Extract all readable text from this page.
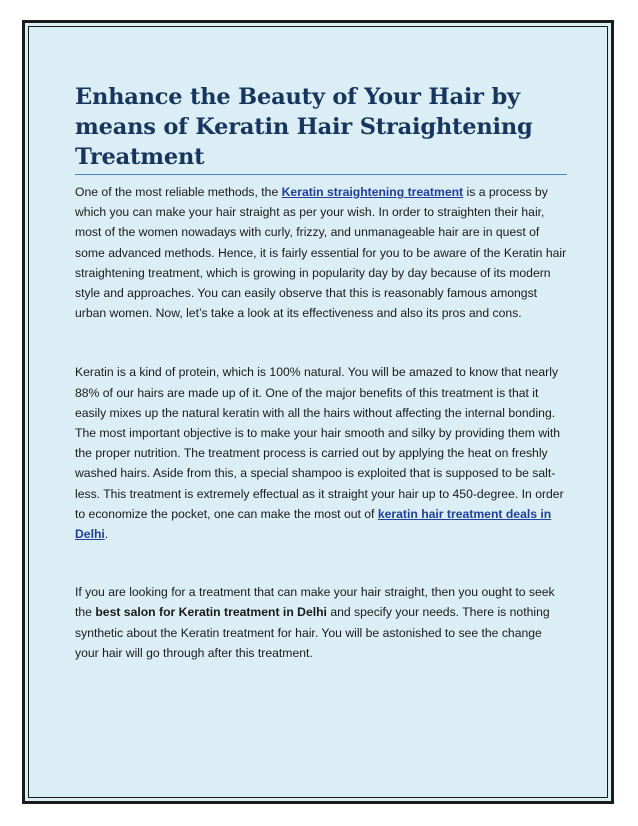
Enhance the Beauty of Your Hair by means of Keratin Hair Straightening Treatment

One of the most reliable methods, the Keratin straightening treatment is a process by which you can make your hair straight as per your wish. In order to straighten their hair, most of the women nowadays with curly, frizzy, and unmanageable hair are in quest of some advanced methods. Hence, it is fairly essential for you to be aware of the Keratin hair straightening treatment, which is growing in popularity day by day because of its modern style and approaches. You can easily observe that this is reasonably famous amongst urban women. Now, let’s take a look at its effectiveness and also its pros and cons.

Keratin is a kind of protein, which is 100% natural. You will be amazed to know that nearly 88% of our hairs are made up of it. One of the major benefits of this treatment is that it easily mixes up the natural keratin with all the hairs without affecting the internal bonding. The most important objective is to make your hair smooth and silky by providing them with the proper nutrition. The treatment process is carried out by applying the heat on freshly washed hairs. Aside from this, a special shampoo is exploited that is supposed to be salt-less. This treatment is extremely effectual as it straight your hair up to 450-degree. In order to economize the pocket, one can make the most out of keratin hair treatment deals in Delhi.

If you are looking for a treatment that can make your hair straight, then you ought to seek the best salon for Keratin treatment in Delhi and specify your needs. There is nothing synthetic about the Keratin treatment for hair. You will be astonished to see the change your hair will go through after this treatment.
